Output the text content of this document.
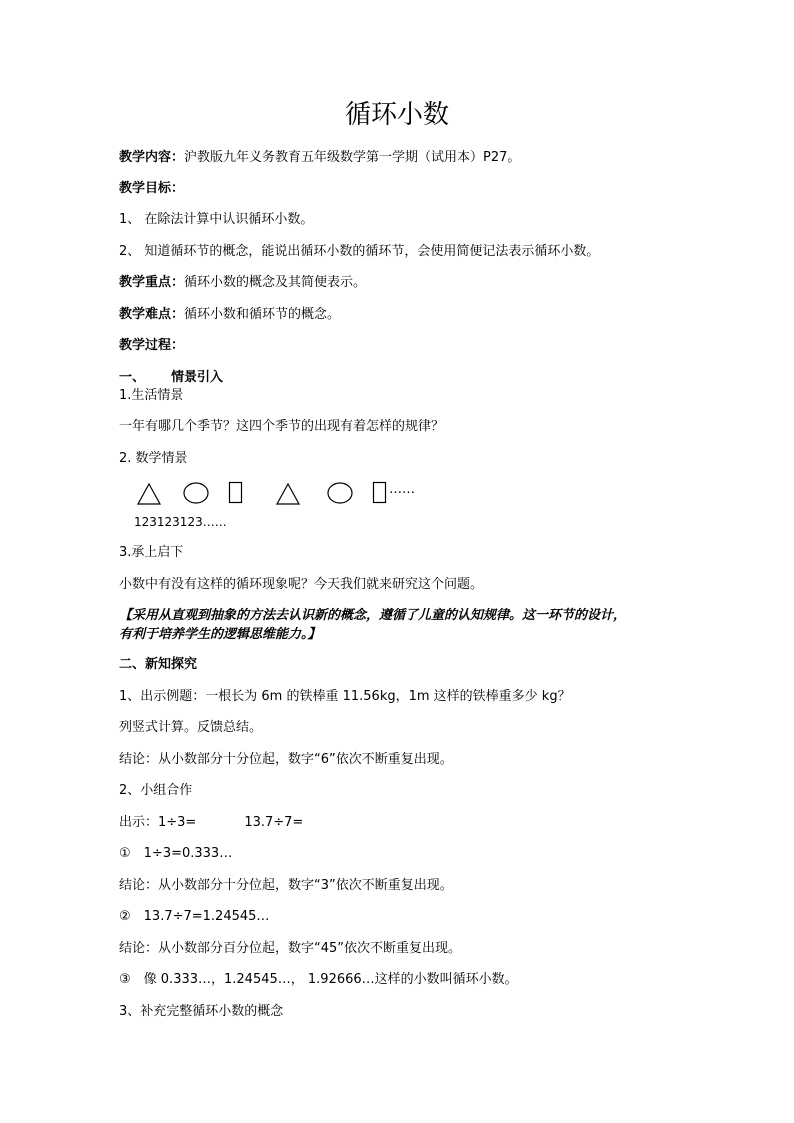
循环小数
教学内容：沪教版九年义务教育五年级数学第一学期（试用本）P27。
教学目标：
1、 在除法计算中认识循环小数。
2、 知道循环节的概念，能说出循环小数的循环节，会使用简便记法表示循环小数。
教学重点：循环小数的概念及其简便表示。
教学难点：循环小数和循环节的概念。
教学过程：
一、 情景引入
1.生活情景
一年有哪几个季节？这四个季节的出现有着怎样的规律？
2. 数学情景
……
123123123……
3.承上启下
小数中有没有这样的循环现象呢？今天我们就来研究这个问题。
【采用从直观到抽象的方法去认识新的概念，遵循了儿童的认知规律。这一环节的设计，
有利于培养学生的逻辑思维能力。】
二、新知探究
1、出示例题：一根长为 6m 的铁棒重 11.56kg，1m 这样的铁棒重多少 kg？
列竖式计算。反馈总结。
结论：从小数部分十分位起，数字“6”依次不断重复出现。
2、小组合作
出示：1÷3=	13.7÷7=
①　1÷3=0.333…
结论：从小数部分十分位起，数字“3”依次不断重复出现。
②　13.7÷7=1.24545…
结论：从小数部分百分位起，数字“45”依次不断重复出现。
③　像 0.333…，1.24545…， 1.92666…这样的小数叫循环小数。
3、补充完整循环小数的概念
